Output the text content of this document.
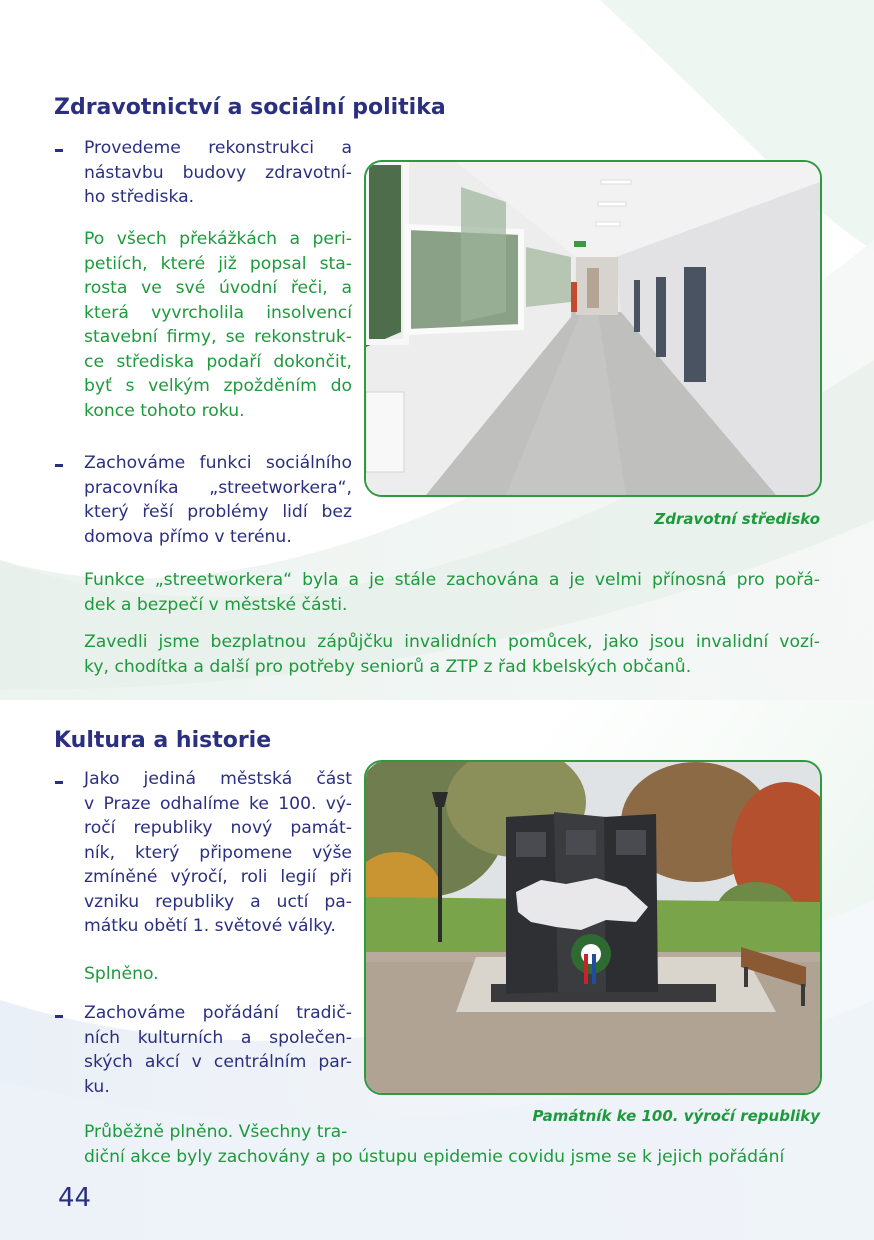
Zdravotnictví a sociální politika
Provedeme rekonstrukci a
nástavbu budovy zdravotní-
ho střediska.
Po všech překážkách a peri-
petiích, které již popsal sta-
rosta ve své úvodní řeči, a
která vyvrcholila insolvencí
stavební firmy, se rekonstruk-
ce střediska podaří dokončit,
byť s velkým zpožděním do
konce tohoto roku.
Zachováme funkci sociálního
pracovníka „streetworkera“,
který řeší problémy lidí bez
domova přímo v terénu.
Funkce „streetworkera“ byla a je stále zachována a je velmi přínosná pro pořá-
dek a bezpečí v městské části.
Zavedli jsme bezplatnou zápůjčku invalidních pomůcek, jako jsou invalidní vozí-
ky, chodítka a další pro potřeby seniorů a ZTP z řad kbelských občanů.
Zdravotní středisko
Kultura a historie
Jako jediná městská část
v Praze odhalíme ke 100. vý-
ročí republiky nový památ-
ník, který připomene výše
zmíněné výročí, roli legií při
vzniku republiky a uctí pa-
mátku obětí 1. světové války.
Splněno.
Zachováme pořádání tradič-
ních kulturních a společen-
ských akcí v centrálním par-
ku.
Průběžně plněno. Všechny tra-
diční akce byly zachovány a po ústupu epidemie covidu jsme se k jejich pořádání
Památník ke 100. výročí republiky
44
